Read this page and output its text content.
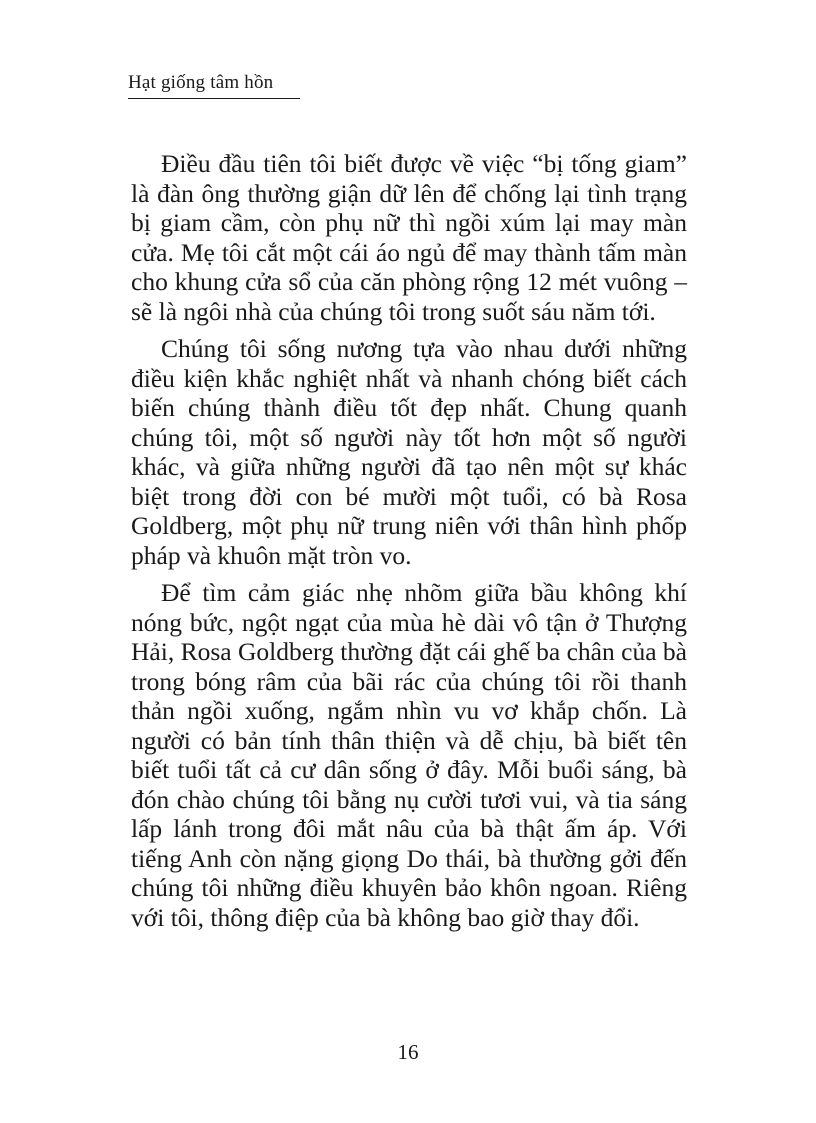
Hạt giống tâm hồn

Điều đầu tiên tôi biết được về việc “bị tống giam” là đàn ông thường giận dữ lên để chống lại tình trạng bị giam cầm, còn phụ nữ thì ngồi xúm lại may màn cửa. Mẹ tôi cắt một cái áo ngủ để may thành tấm màn cho khung cửa sổ của căn phòng rộng 12 mét vuông – sẽ là ngôi nhà của chúng tôi trong suốt sáu năm tới.

Chúng tôi sống nương tựa vào nhau dưới những điều kiện khắc nghiệt nhất và nhanh chóng biết cách biến chúng thành điều tốt đẹp nhất. Chung quanh chúng tôi, một số người này tốt hơn một số người khác, và giữa những người đã tạo nên một sự khác biệt trong đời con bé mười một tuổi, có bà Rosa Goldberg, một phụ nữ trung niên với thân hình phốp pháp và khuôn mặt tròn vo.

Để tìm cảm giác nhẹ nhõm giữa bầu không khí nóng bức, ngột ngạt của mùa hè dài vô tận ở Thượng Hải, Rosa Goldberg thường đặt cái ghế ba chân của bà trong bóng râm của bãi rác của chúng tôi rồi thanh thản ngồi xuống, ngắm nhìn vu vơ khắp chốn. Là người có bản tính thân thiện và dễ chịu, bà biết tên biết tuổi tất cả cư dân sống ở đây. Mỗi buổi sáng, bà đón chào chúng tôi bằng nụ cười tươi vui, và tia sáng lấp lánh trong đôi mắt nâu của bà thật ấm áp. Với tiếng Anh còn nặng giọng Do thái, bà thường gởi đến chúng tôi những điều khuyên bảo khôn ngoan. Riêng với tôi, thông điệp của bà không bao giờ thay đổi.

16
